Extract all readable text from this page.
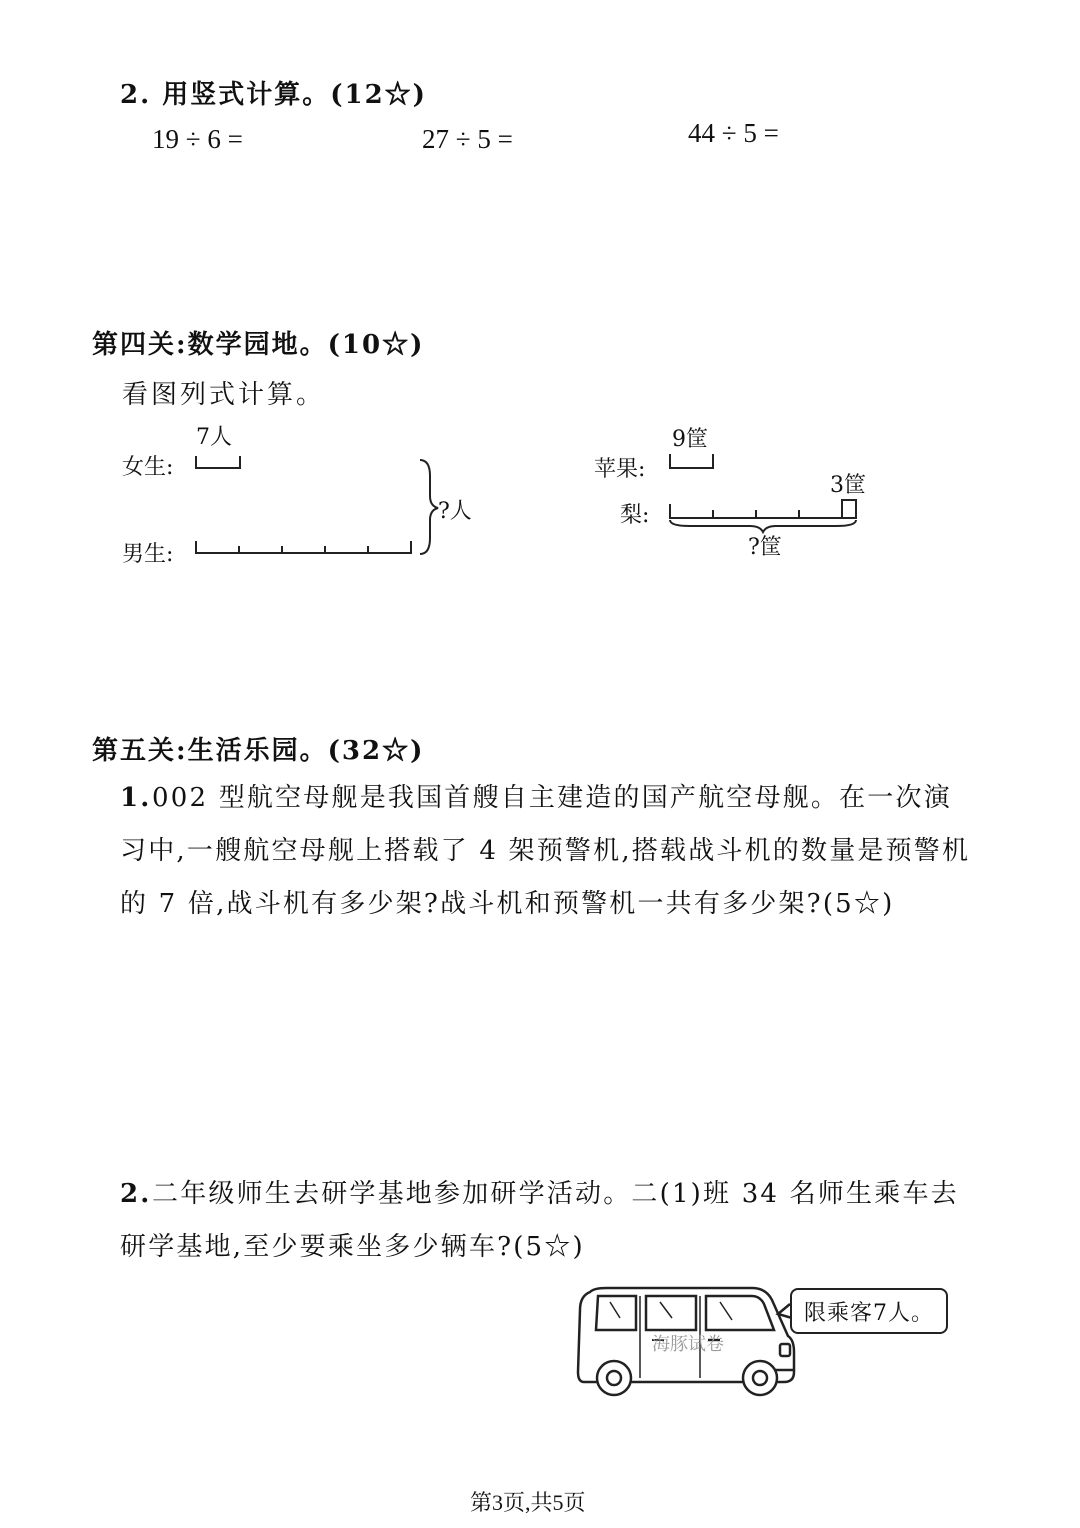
2. 用竖式计算。(12☆)
19 ÷ 6 =	27 ÷ 5 =	44 ÷ 5 =
第四关:数学园地。(10☆)
看图列式计算。
7人
女生:
男生:
?人
9筐
苹果:
梨:
3筐
?筐
第五关:生活乐园。(32☆)
1.002 型航空母舰是我国首艘自主建造的国产航空母舰。在一次演习中,一艘航空母舰上搭载了 4 架预警机,搭载战斗机的数量是预警机的 7 倍,战斗机有多少架?战斗机和预警机一共有多少架?(5☆)
2.二年级师生去研学基地参加研学活动。二(1)班 34 名师生乘车去研学基地,至少要乘坐多少辆车?(5☆)
限乘客7人。
海豚试卷
第3页,共5页
